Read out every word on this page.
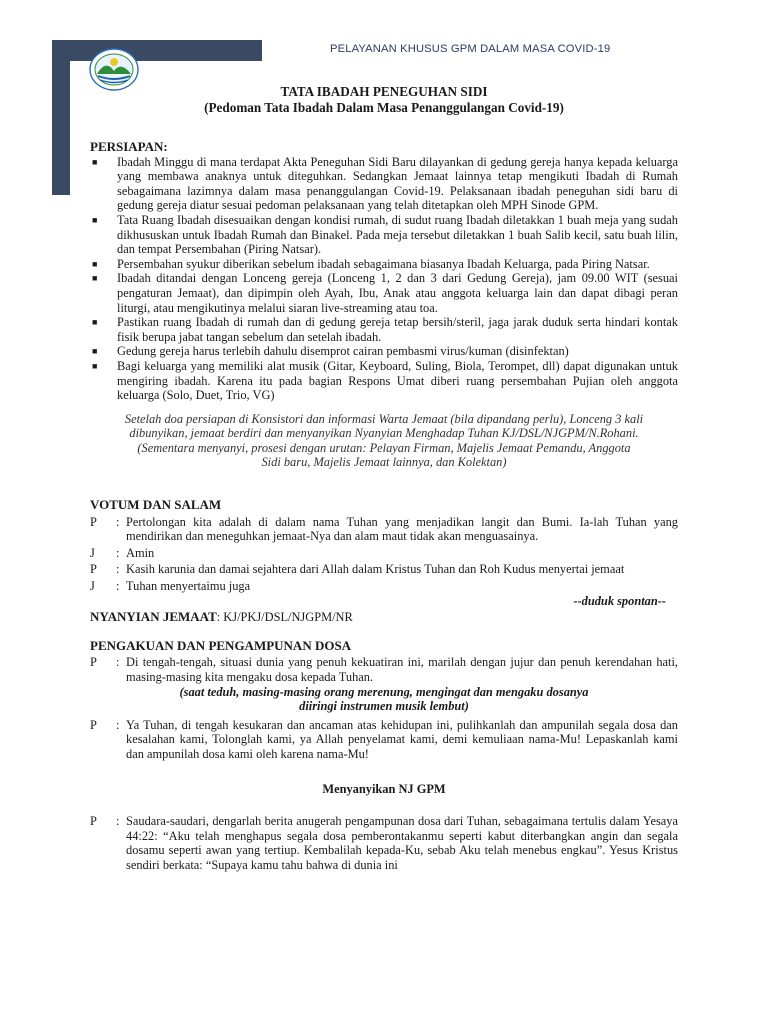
PELAYANAN KHUSUS GPM DALAM MASA COVID-19
TATA IBADAH PENEGUHAN SIDI
(Pedoman Tata Ibadah Dalam Masa Penanggulangan Covid-19)
PERSIAPAN:
■ Ibadah Minggu di mana terdapat Akta Peneguhan Sidi Baru dilayankan di gedung gereja hanya kepada keluarga yang membawa anaknya untuk diteguhkan. Sedangkan Jemaat lainnya tetap mengikuti Ibadah di Rumah sebagaimana lazimnya dalam masa penanggulangan Covid-19. Pelaksanaan ibadah peneguhan sidi baru di gedung gereja diatur sesuai pedoman pelaksanaan yang telah ditetapkan oleh MPH Sinode GPM.
■ Tata Ruang Ibadah disesuaikan dengan kondisi rumah, di sudut ruang Ibadah diletakkan 1 buah meja yang sudah dikhususkan untuk Ibadah Rumah dan Binakel. Pada meja tersebut diletakkan 1 buah Salib kecil, satu buah lilin, dan tempat Persembahan (Piring Natsar).
■ Persembahan syukur diberikan sebelum ibadah sebagaimana biasanya Ibadah Keluarga, pada Piring Natsar.
■ Ibadah ditandai dengan Lonceng gereja (Lonceng 1, 2 dan 3 dari Gedung Gereja), jam 09.00 WIT (sesuai pengaturan Jemaat), dan dipimpin oleh Ayah, Ibu, Anak atau anggota keluarga lain dan dapat dibagi peran liturgi, atau mengikutinya melalui siaran live-streaming atau toa.
■ Pastikan ruang Ibadah di rumah dan di gedung gereja tetap bersih/steril, jaga jarak duduk serta hindari kontak fisik berupa jabat tangan sebelum dan setelah ibadah.
■ Gedung gereja harus terlebih dahulu disemprot cairan pembasmi virus/kuman (disinfektan)
■ Bagi keluarga yang memiliki alat musik (Gitar, Keyboard, Suling, Biola, Terompet, dll) dapat digunakan untuk mengiring ibadah. Karena itu pada bagian Respons Umat diberi ruang persembahan Pujian oleh anggota keluarga (Solo, Duet, Trio, VG)
Setelah doa persiapan di Konsistori dan informasi Warta Jemaat (bila dipandang perlu), Lonceng 3 kali
dibunyikan, jemaat berdiri dan menyanyikan Nyanyian Menghadap Tuhan KJ/DSL/NJGPM/N.Rohani.
(Sementara menyanyi, prosesi dengan urutan: Pelayan Firman, Majelis Jemaat Pemandu, Anggota
Sidi baru, Majelis Jemaat lainnya, dan Kolektan)
VOTUM DAN SALAM
P	: Pertolongan kita adalah di dalam nama Tuhan yang menjadikan langit dan Bumi. Ia-lah Tuhan yang mendirikan dan meneguhkan jemaat-Nya dan alam maut tidak akan menguasainya.
J	: Amin
P	: Kasih karunia dan damai sejahtera dari Allah dalam Kristus Tuhan dan Roh Kudus menyertai jemaat
J	: Tuhan menyertaimu juga
--duduk spontan--
NYANYIAN JEMAAT: KJ/PKJ/DSL/NJGPM/NR
PENGAKUAN DAN PENGAMPUNAN DOSA
P	: Di tengah-tengah, situasi dunia yang penuh kekuatiran ini, marilah dengan jujur dan penuh kerendahan hati, masing-masing kita mengaku dosa kepada Tuhan.
(saat teduh, masing-masing orang merenung, mengingat dan mengaku dosanya
diiringi instrumen musik lembut)
P	: Ya Tuhan, di tengah kesukaran dan ancaman atas kehidupan ini, pulihkanlah dan ampunilah segala dosa dan kesalahan kami, Tolonglah kami, ya Allah penyelamat kami, demi kemuliaan nama-Mu! Lepaskanlah kami dan ampunilah dosa kami oleh karena nama-Mu!
Menyanyikan NJ GPM
P	: Saudara-saudari, dengarlah berita anugerah pengampunan dosa dari Tuhan, sebagaimana tertulis dalam Yesaya 44:22: “Aku telah menghapus segala dosa pemberontakanmu seperti kabut diterbangkan angin dan segala dosamu seperti awan yang tertiup. Kembalilah kepada-Ku, sebab Aku telah menebus engkau”. Yesus Kristus sendiri berkata: “Supaya kamu tahu bahwa di dunia ini
